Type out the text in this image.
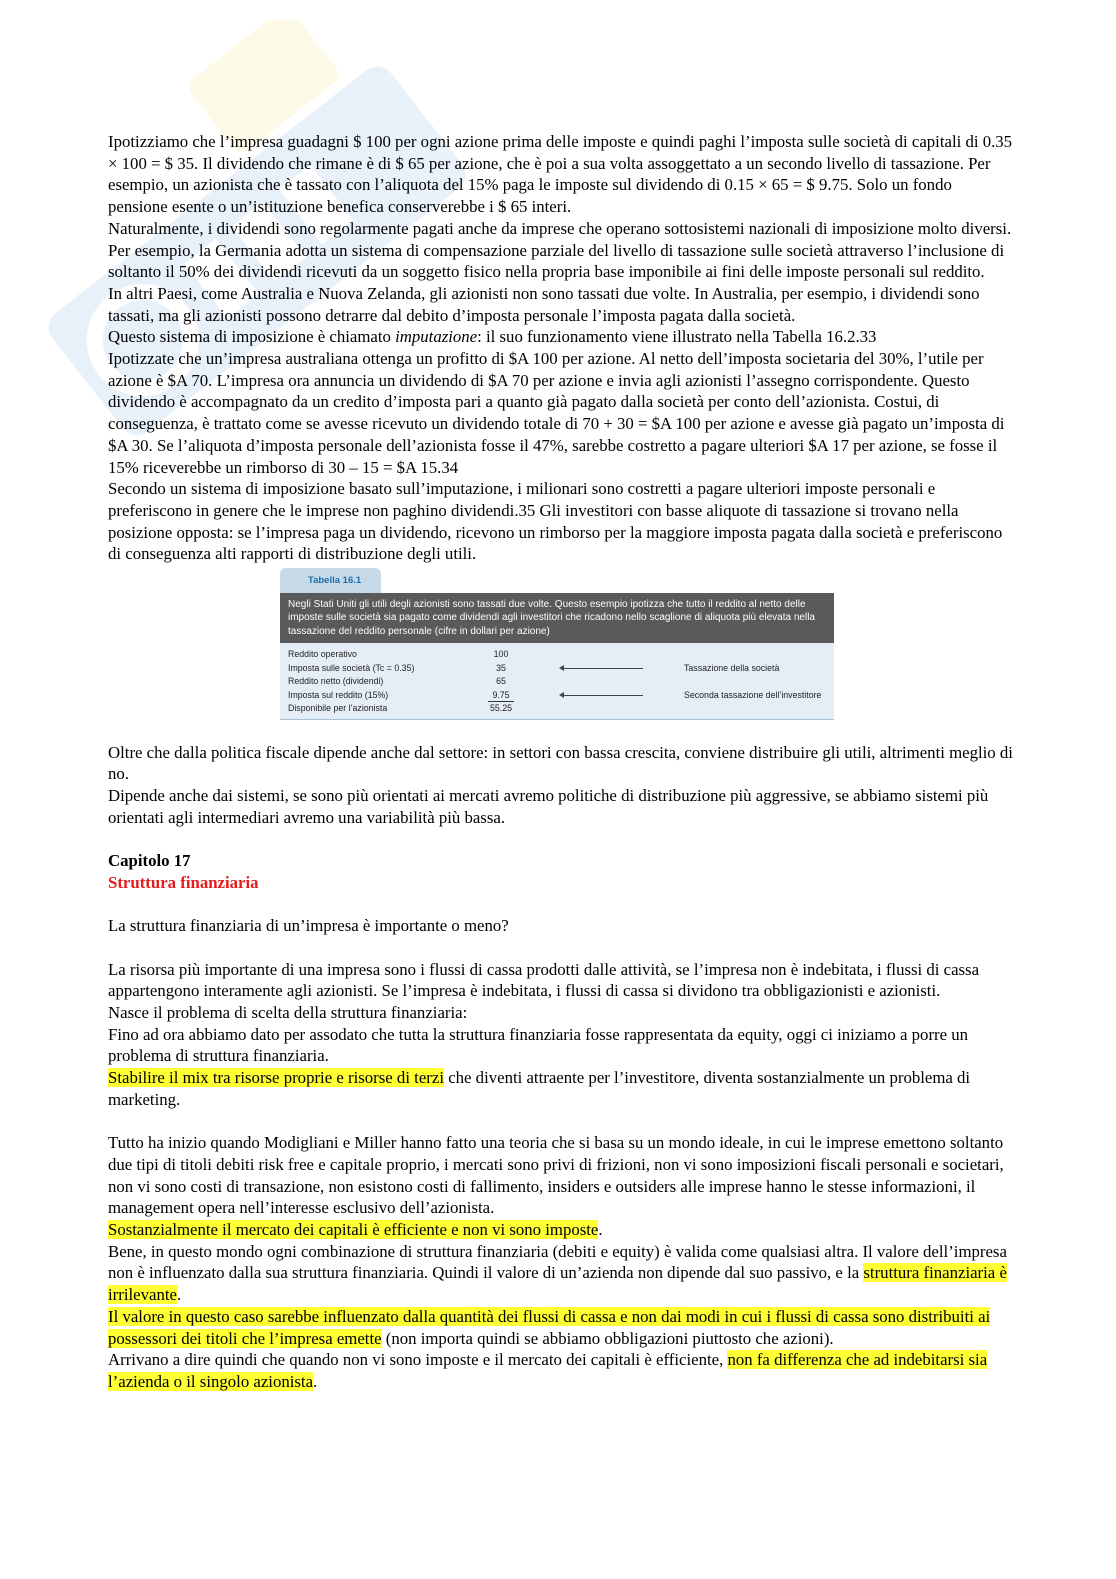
Ipotizziamo che l’impresa guadagni $ 100 per ogni azione prima delle imposte e quindi paghi l’imposta sulle società di capitali di 0.35 × 100 = $ 35. Il dividendo che rimane è di $ 65 per azione, che è poi a sua volta assoggettato a un secondo livello di tassazione. Per esempio, un azionista che è tassato con l’aliquota del 15% paga le imposte sul dividendo di 0.15 × 65 = $ 9.75. Solo un fondo pensione esente o un’istituzione benefica conserverebbe i $ 65 interi.

Naturalmente, i dividendi sono regolarmente pagati anche da imprese che operano sottosistemi nazionali di imposizione molto diversi. Per esempio, la Germania adotta un sistema di compensazione parziale del livello di tassazione sulle società attraverso l’inclusione di soltanto il 50% dei dividendi ricevuti da un soggetto fisico nella propria base imponibile ai fini delle imposte personali sul reddito.

In altri Paesi, come Australia e Nuova Zelanda, gli azionisti non sono tassati due volte. In Australia, per esempio, i dividendi sono tassati, ma gli azionisti possono detrarre dal debito d’imposta personale l’imposta pagata dalla società.

Questo sistema di imposizione è chiamato imputazione: il suo funzionamento viene illustrato nella Tabella 16.2.33

Ipotizzate che un’impresa australiana ottenga un profitto di $A 100 per azione. Al netto dell’imposta societaria del 30%, l’utile per azione è $A 70. L’impresa ora annuncia un dividendo di $A 70 per azione e invia agli azionisti l’assegno corrispondente. Questo dividendo è accompagnato da un credito d’imposta pari a quanto già pagato dalla società per conto dell’azionista. Costui, di conseguenza, è trattato come se avesse ricevuto un dividendo totale di 70 + 30 = $A 100 per azione e avesse già pagato un’imposta di $A 30. Se l’aliquota d’imposta personale dell’azionista fosse il 47%, sarebbe costretto a pagare ulteriori $A 17 per azione, se fosse il 15% riceverebbe un rimborso di 30 – 15 = $A 15.34

Secondo un sistema di imposizione basato sull’imputazione, i milionari sono costretti a pagare ulteriori imposte personali e preferiscono in genere che le imprese non paghino dividendi.35 Gli investitori con basse aliquote di tassazione si trovano nella posizione opposta: se l’impresa paga un dividendo, ricevono un rimborso per la maggiore imposta pagata dalla società e preferiscono di conseguenza alti rapporti di distribuzione degli utili.

Tabella 16.1
Negli Stati Uniti gli utili degli azionisti sono tassati due volte. Questo esempio ipotizza che tutto il reddito al netto delle imposte sulle società sia pagato come dividendi agli investitori che ricadono nello scaglione di aliquota più elevata nella tassazione del reddito personale (cifre in dollari per azione)
Reddito operativo	100
Imposta sulle società (Tc = 0.35)	35	Tassazione della società
Reddito netto (dividendi)	65
Imposta sul reddito (15%)	9.75	Seconda tassazione dell’investitore
Disponibile per l’azionista	55.25

Oltre che dalla politica fiscale dipende anche dal settore: in settori con bassa crescita, conviene distribuire gli utili, altrimenti meglio di no.

Dipende anche dai sistemi, se sono più orientati ai mercati avremo politiche di distribuzione più aggressive, se abbiamo sistemi più orientati agli intermediari avremo una variabilità più bassa.

Capitolo 17

Struttura finanziaria

La struttura finanziaria di un’impresa è importante o meno?

La risorsa più importante di una impresa sono i flussi di cassa prodotti dalle attività, se l’impresa non è indebitata, i flussi di cassa appartengono interamente agli azionisti. Se l’impresa è indebitata, i flussi di cassa si dividono tra obbligazionisti e azionisti.

Nasce il problema di scelta della struttura finanziaria:

Fino ad ora abbiamo dato per assodato che tutta la struttura finanziaria fosse rappresentata da equity, oggi ci iniziamo a porre un problema di struttura finanziaria.

Stabilire il mix tra risorse proprie e risorse di terzi che diventi attraente per l’investitore, diventa sostanzialmente un problema di marketing.

Tutto ha inizio quando Modigliani e Miller hanno fatto una teoria che si basa su un mondo ideale, in cui le imprese emettono soltanto due tipi di titoli debiti risk free e capitale proprio, i mercati sono privi di frizioni, non vi sono imposizioni fiscali personali e societari, non vi sono costi di transazione, non esistono costi di fallimento, insiders e outsiders alle imprese hanno le stesse informazioni, il management opera nell’interesse esclusivo dell’azionista.

Sostanzialmente il mercato dei capitali è efficiente e non vi sono imposte.

Bene, in questo mondo ogni combinazione di struttura finanziaria (debiti e equity) è valida come qualsiasi altra. Il valore dell’impresa non è influenzato dalla sua struttura finanziaria. Quindi il valore di un’azienda non dipende dal suo passivo, e la struttura finanziaria è irrilevante.

Il valore in questo caso sarebbe influenzato dalla quantità dei flussi di cassa e non dai modi in cui i flussi di cassa sono distribuiti ai possessori dei titoli che l’impresa emette (non importa quindi se abbiamo obbligazioni piuttosto che azioni).

Arrivano a dire quindi che quando non vi sono imposte e il mercato dei capitali è efficiente, non fa differenza che ad indebitarsi sia l’azienda o il singolo azionista.
